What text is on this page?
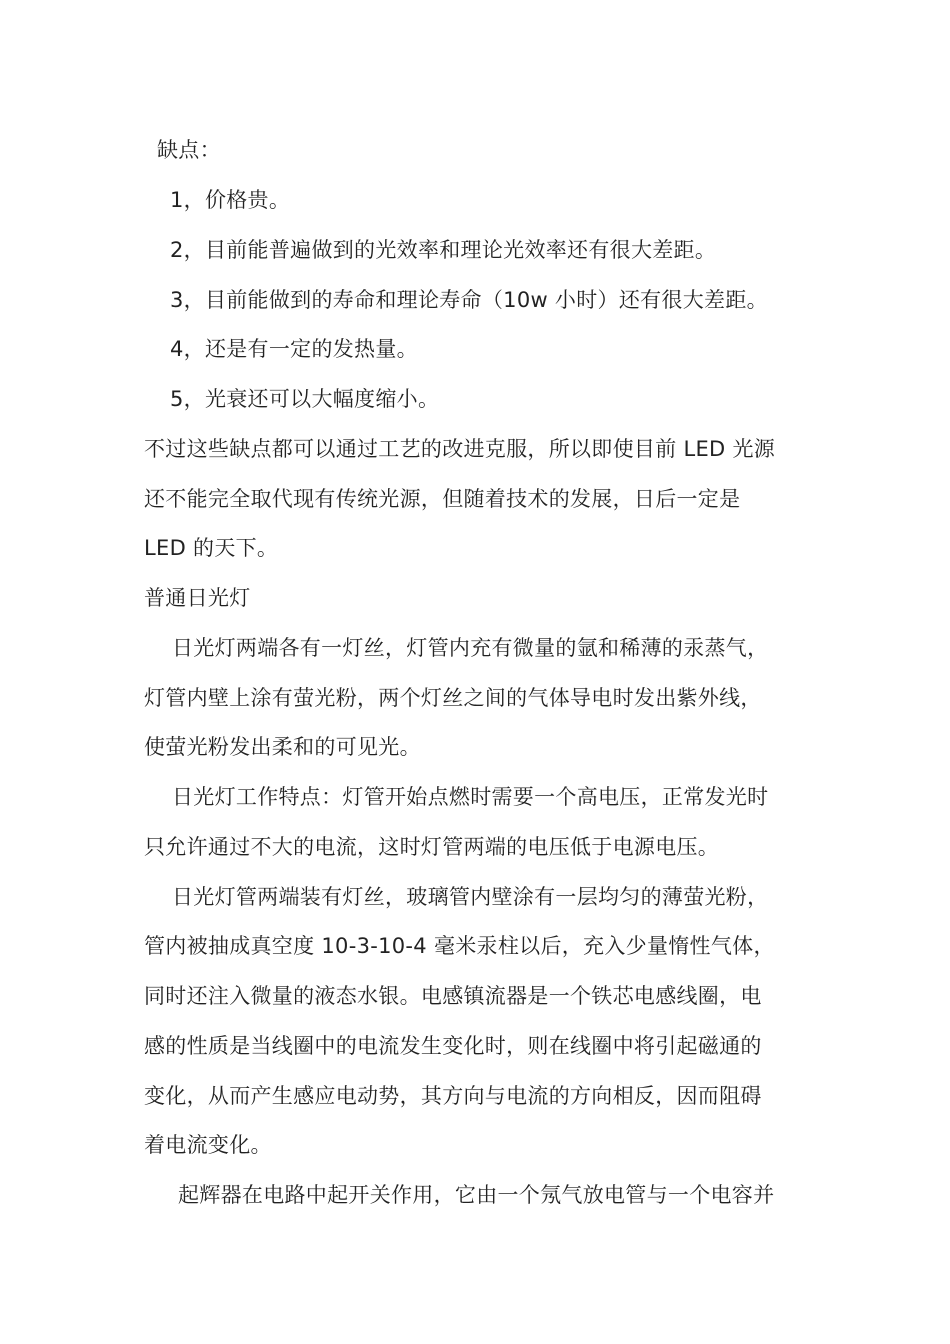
缺点：
1，价格贵。
2，目前能普遍做到的光效率和理论光效率还有很大差距。
3，目前能做到的寿命和理论寿命（10w 小时）还有很大差距。
4，还是有一定的发热量。
5，光衰还可以大幅度缩小。
不过这些缺点都可以通过工艺的改进克服，所以即使目前 LED 光源
还不能完全取代现有传统光源，但随着技术的发展，日后一定是
LED 的天下。
普通日光灯
日光灯两端各有一灯丝，灯管内充有微量的氩和稀薄的汞蒸气，
灯管内壁上涂有萤光粉，两个灯丝之间的气体导电时发出紫外线，
使萤光粉发出柔和的可见光。
日光灯工作特点：灯管开始点燃时需要一个高电压，正常发光时
只允许通过不大的电流，这时灯管两端的电压低于电源电压。
日光灯管两端装有灯丝，玻璃管内壁涂有一层均匀的薄萤光粉，
管内被抽成真空度 10-3-10-4 毫米汞柱以后，充入少量惰性气体，
同时还注入微量的液态水银。电感镇流器是一个铁芯电感线圈，电
感的性质是当线圈中的电流发生变化时，则在线圈中将引起磁通的
变化，从而产生感应电动势，其方向与电流的方向相反，因而阻碍
着电流变化。
起辉器在电路中起开关作用，它由一个氖气放电管与一个电容并
